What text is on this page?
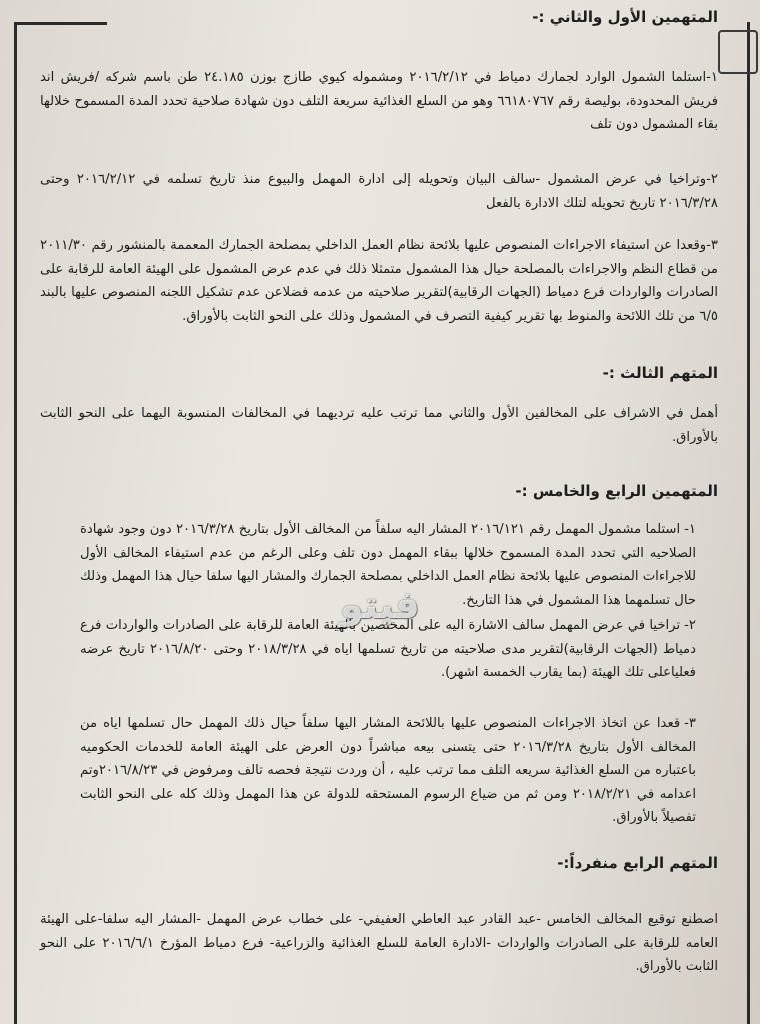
المتهمين الأول والثاني :-
١-استلما الشمول الوارد لجمارك دمياط في ٢٠١٦/٢/١٢ ومشموله كيوي طازج بوزن ٢٤.١٨٥ طن باسم شركه /فريش اند فريش المحدودة، بوليصة رقم ٦٦١٨٠٧٦٧ وهو من السلع الغذائية سريعة التلف دون شهادة صلاحية تحدد المدة المسموح خلالها بقاء المشمول دون تلف
٢-وتراخيا في عرض المشمول -سالف البيان وتحويله إلى ادارة المهمل والبيوع منذ تاريخ تسلمه في ٢٠١٦/٢/١٢ وحتى ٢٠١٦/٣/٢٨ تاريخ تحويله لتلك الادارة بالفعل
٣-وقعدا عن استيفاء الاجراءات المنصوص عليها بلائحة نظام العمل الداخلي بمصلحة الجمارك المعممة بالمنشور رقم ٢٠١١/٣٠ من قطاع النظم والاجراءات بالمصلحة حيال هذا المشمول متمثلا ذلك في عدم عرض المشمول على الهيئة العامة للرقابة على الصادرات والواردات فرع دمياط (الجهات الرقابية)لتقرير صلاحيته من عدمه فضلاعن عدم تشكيل اللجنه المنصوص عليها بالبند ٦/٥ من تلك اللائحة والمنوط بها تقرير كيفية التصرف في المشمول وذلك على النحو الثابت بالأوراق.
المتهم الثالث :-
أهمل في الاشراف على المخالفين الأول والثاني مما ترتب عليه ترديهما في المخالفات المنسوبة اليهما على النحو الثابت بالأوراق.
المتهمين الرابع والخامس :-
١-استلما مشمول المهمل رقم ٢٠١٦/١٢١ المشار اليه سلفاً من المخالف الأول بتاريخ ٢٠١٦/٣/٢٨ دون وجود شهادة الصلاحيه التي تحدد المدة المسموح خلالها ببقاء المهمل دون تلف وعلى الرغم من عدم استيفاء المخالف الأول للاجراءات المنصوص عليها بلائحة نظام العمل الداخلي بمصلحة الجمارك والمشار اليها سلفا حيال هذا المهمل وذلك حال تسلمهما هذا المشمول في هذا التاريخ.
٢-تراخيا في عرض المهمل سالف الاشارة اليه على المختصين بالهيئة العامة للرقابة على الصادرات والواردات فرع دمياط (الجهات الرقابية)لتقرير مدى صلاحيته من تاريخ تسلمها اياه في ٢٠١٨/٣/٢٨ وحتى ٢٠١٦/٨/٢٠ تاريخ عرضه فعلياعلى تلك الهيئة (بما يقارب الخمسة اشهر).
٣-قعدا عن اتخاذ الاجراءات المنصوص عليها باللائحة المشار اليها سلفاً حيال ذلك المهمل حال تسلمها اياه من المخالف الأول بتاريخ ٢٠١٦/٣/٢٨ حتى يتسنى بيعه مباشراً دون العرض على الهيئة العامة للخدمات الحكوميه باعتباره من السلع الغذائية سريعه التلف مما ترتب عليه ، أن وردت نتيجة فحصه تالف ومرفوض في ٢٠١٦/٨/٢٣وتم اعدامه في ٢٠١٨/٢/٢١ ومن ثم من ضياع الرسوم المستحقه للدولة عن هذا المهمل وذلك كله على النحو الثابت تفصيلاً بالأوراق.
المتهم الرابع منفرداً:-
اصطنع توقيع المخالف الخامس -عبد القادر عبد العاطي العفيفي- على خطاب عرض المهمل -المشار اليه سلفا-على الهيئة العامه للرقابة على الصادرات والواردات -الادارة العامة للسلع الغذائية والزراعية- فرع دمياط المؤرخ ٢٠١٦/٦/١ على النحو الثابت بالأوراق.
فيتو
